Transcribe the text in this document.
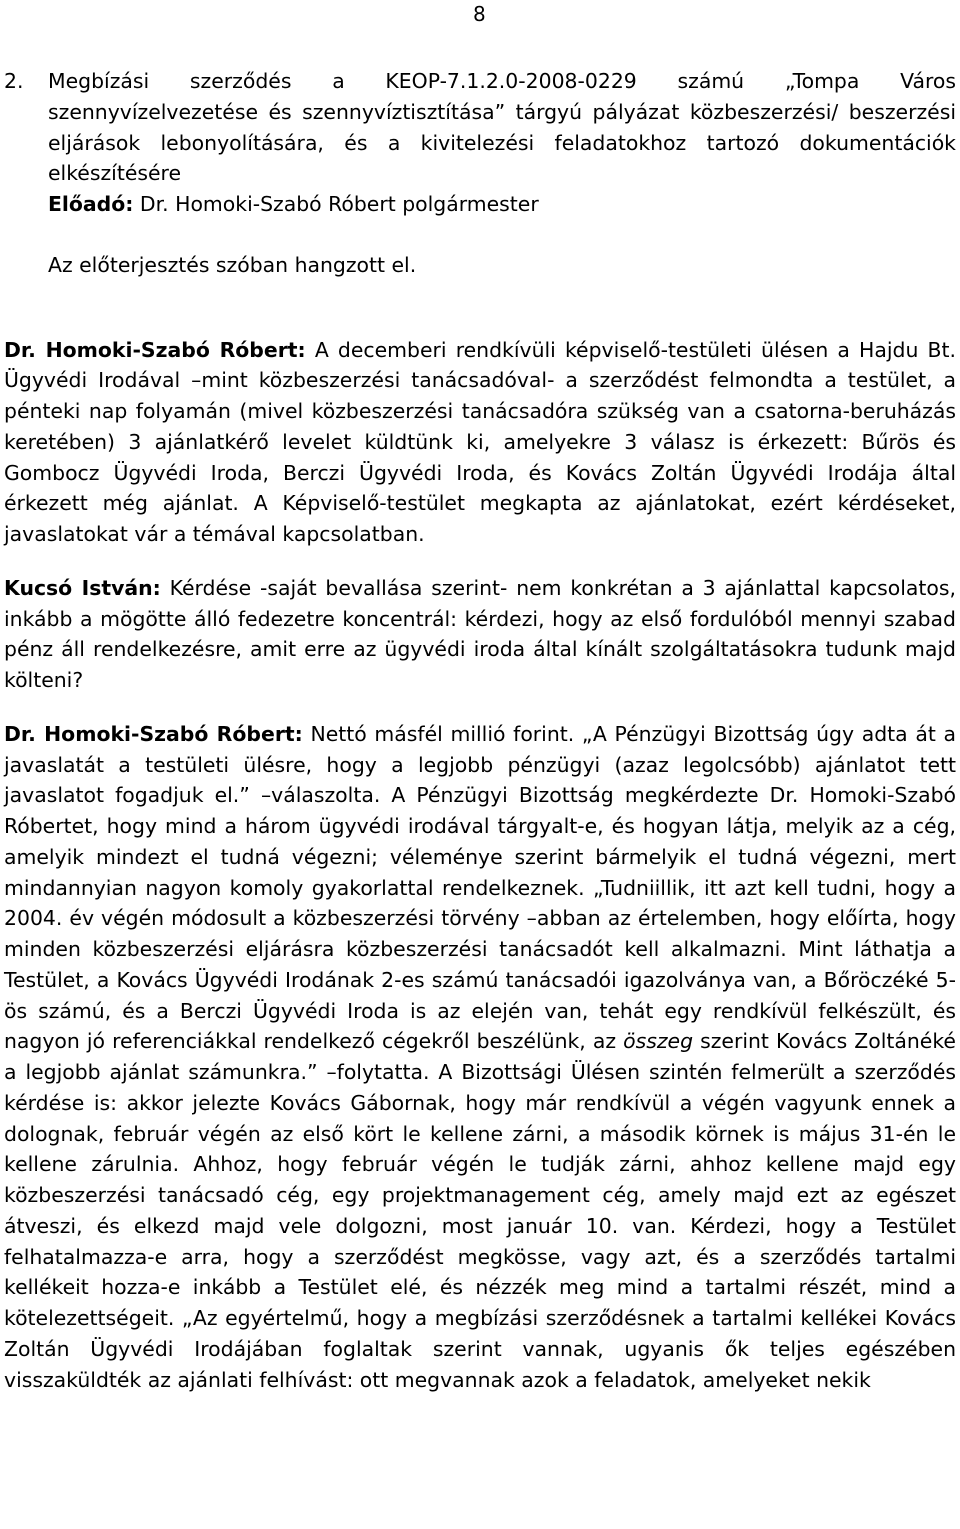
8
2.	Megbízási szerződés a KEOP-7.1.2.0-2008-0229 számú „Tompa Város szennyvízelvezetése és szennyvíztisztítása” tárgyú pályázat közbeszerzési/ beszerzési eljárások lebonyolítására, és a kivitelezési feladatokhoz tartozó dokumentációk elkészítésére

Előadó: Dr. Homoki-Szabó Róbert polgármester

Az előterjesztés szóban hangzott el.

Dr. Homoki-Szabó Róbert: A decemberi rendkívüli képviselő-testületi ülésen a Hajdu Bt. Ügyvédi Irodával –mint közbeszerzési tanácsadóval- a szerződést felmondta a testület, a pénteki nap folyamán (mivel közbeszerzési tanácsadóra szükség van a csatorna-beruházás keretében) 3 ajánlatkérő levelet küldtünk ki, amelyekre 3 válasz is érkezett: Bűrös és Gombocz Ügyvédi Iroda, Berczi Ügyvédi Iroda, és Kovács Zoltán Ügyvédi Irodája által érkezett még ajánlat. A Képviselő-testület megkapta az ajánlatokat, ezért kérdéseket, javaslatokat vár a témával kapcsolatban.

Kucsó István: Kérdése -saját bevallása szerint- nem konkrétan a 3 ajánlattal kapcsolatos, inkább a mögötte álló fedezetre koncentrál: kérdezi, hogy az első fordulóból mennyi szabad pénz áll rendelkezésre, amit erre az ügyvédi iroda által kínált szolgáltatásokra tudunk majd költeni?

Dr. Homoki-Szabó Róbert: Nettó másfél millió forint. „A Pénzügyi Bizottság úgy adta át a javaslatát a testületi ülésre, hogy a legjobb pénzügyi (azaz legolcsóbb) ajánlatot tett javaslatot fogadjuk el.” –válaszolta. A Pénzügyi Bizottság megkérdezte Dr. Homoki-Szabó Róbertet, hogy mind a három ügyvédi irodával tárgyalt-e, és hogyan látja, melyik az a cég, amelyik mindezt el tudná végezni; véleménye szerint bármelyik el tudná végezni, mert mindannyian nagyon komoly gyakorlattal rendelkeznek. „Tudniillik, itt azt kell tudni, hogy a 2004. év végén módosult a közbeszerzési törvény –abban az értelemben, hogy előírta, hogy minden közbeszerzési eljárásra közbeszerzési tanácsadót kell alkalmazni. Mint láthatja a Testület, a Kovács Ügyvédi Irodának 2-es számú tanácsadói igazolványa van, a Bőröczéké 5-ös számú, és a Berczi Ügyvédi Iroda is az elején van, tehát egy rendkívül felkészült, és nagyon jó referenciákkal rendelkező cégekről beszélünk, az összeg szerint Kovács Zoltánéké a legjobb ajánlat számunkra.” –folytatta. A Bizottsági Ülésen szintén felmerült a szerződés kérdése is: akkor jelezte Kovács Gábornak, hogy már rendkívül a végén vagyunk ennek a dolognak, február végén az első kört le kellene zárni, a második körnek is május 31-én le kellene zárulnia. Ahhoz, hogy február végén le tudják zárni, ahhoz kellene majd egy közbeszerzési tanácsadó cég, egy projektmanagement cég, amely majd ezt az egészet átveszi, és elkezd majd vele dolgozni, most január 10. van. Kérdezi, hogy a Testület felhatalmazza-e arra, hogy a szerződést megkösse, vagy azt, és a szerződés tartalmi kellékeit hozza-e inkább a Testület elé, és nézzék meg mind a tartalmi részét, mind a kötelezettségeit. „Az egyértelmű, hogy a megbízási szerződésnek a tartalmi kellékei Kovács Zoltán Ügyvédi Irodájában foglaltak szerint vannak, ugyanis ők teljes egészében visszaküldték az ajánlati felhívást: ott megvannak azok a feladatok, amelyeket nekik
